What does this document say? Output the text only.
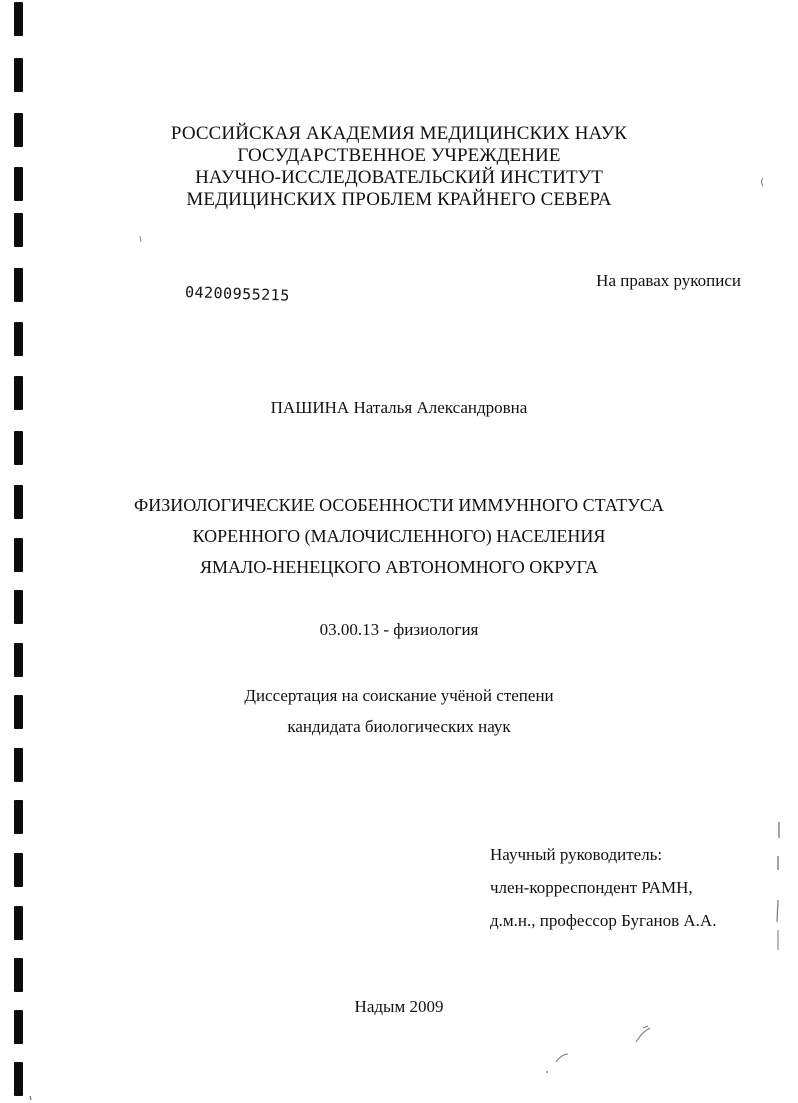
РОССИЙСКАЯ АКАДЕМИЯ МЕДИЦИНСКИХ НАУК
ГОСУДАРСТВЕННОЕ УЧРЕЖДЕНИЕ
НАУЧНО-ИССЛЕДОВАТЕЛЬСКИЙ ИНСТИТУТ
МЕДИЦИНСКИХ ПРОБЛЕМ КРАЙНЕГО СЕВЕРА
04200955215
На правах рукописи
ПАШИНА Наталья Александровна
ФИЗИОЛОГИЧЕСКИЕ ОСОБЕННОСТИ ИММУННОГО СТАТУСА
КОРЕННОГО (МАЛОЧИСЛЕННОГО) НАСЕЛЕНИЯ
ЯМАЛО-НЕНЕЦКОГО АВТОНОМНОГО ОКРУГА
03.00.13 - физиология
Диссертация на соискание учёной степени
кандидата биологических наук
Научный руководитель:
член-корреспондент РАМН,
д.м.н., профессор Буганов А.А.
Надым 2009
